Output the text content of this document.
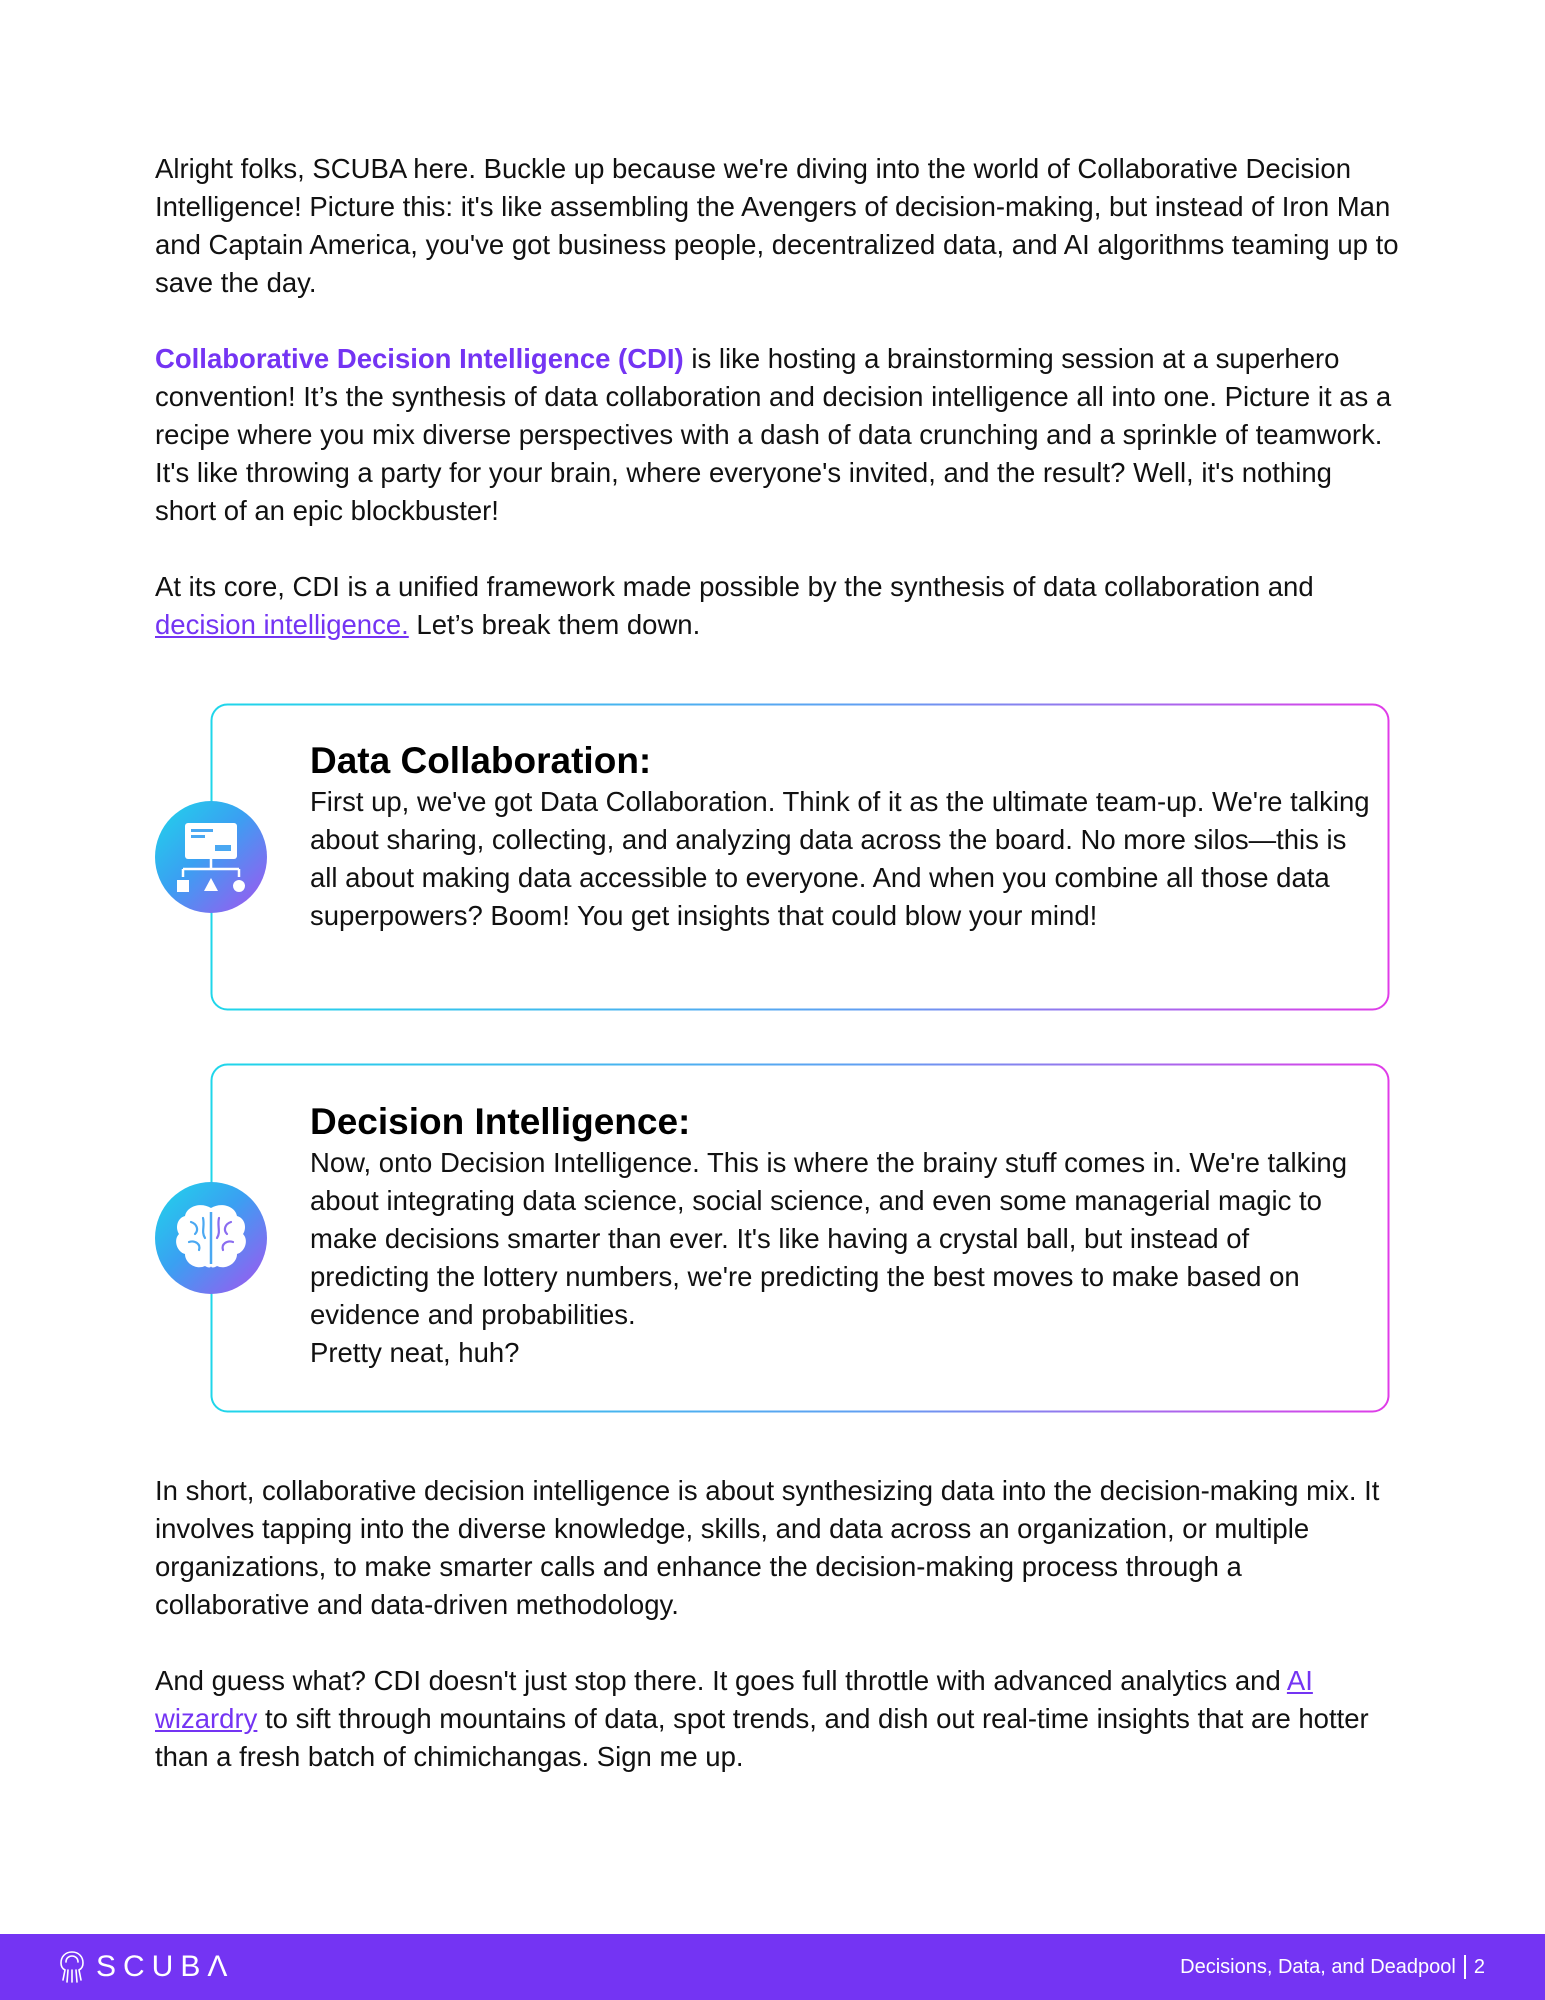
Alright folks, SCUBA here. Buckle up because we're diving into the world of Collaborative Decision Intelligence! Picture this: it's like assembling the Avengers of decision-making, but instead of Iron Man and Captain America, you've got business people, decentralized data, and AI algorithms teaming up to save the day.

Collaborative Decision Intelligence (CDI) is like hosting a brainstorming session at a superhero convention! It’s the synthesis of data collaboration and decision intelligence all into one. Picture it as a recipe where you mix diverse perspectives with a dash of data crunching and a sprinkle of teamwork. It's like throwing a party for your brain, where everyone's invited, and the result? Well, it's nothing short of an epic blockbuster!

At its core, CDI is a unified framework made possible by the synthesis of data collaboration and decision intelligence. Let’s break them down.

Data Collaboration:

First up, we've got Data Collaboration. Think of it as the ultimate team-up. We're talking about sharing, collecting, and analyzing data across the board. No more silos—this is all about making data accessible to everyone. And when you combine all those data superpowers? Boom! You get insights that could blow your mind!

Decision Intelligence:

Now, onto Decision Intelligence. This is where the brainy stuff comes in. We're talking about integrating data science, social science, and even some managerial magic to make decisions smarter than ever. It's like having a crystal ball, but instead of predicting the lottery numbers, we're predicting the best moves to make based on evidence and probabilities.

Pretty neat, huh?

In short, collaborative decision intelligence is about synthesizing data into the decision-making mix. It involves tapping into the diverse knowledge, skills, and data across an organization, or multiple organizations, to make smarter calls and enhance the decision-making process through a collaborative and data-driven methodology.

And guess what? CDI doesn't just stop there. It goes full throttle with advanced analytics and AI wizardry to sift through mountains of data, spot trends, and dish out real-time insights that are hotter than a fresh batch of chimichangas. Sign me up.

SCUBΛ	Decisions, Data, and Deadpool 2
